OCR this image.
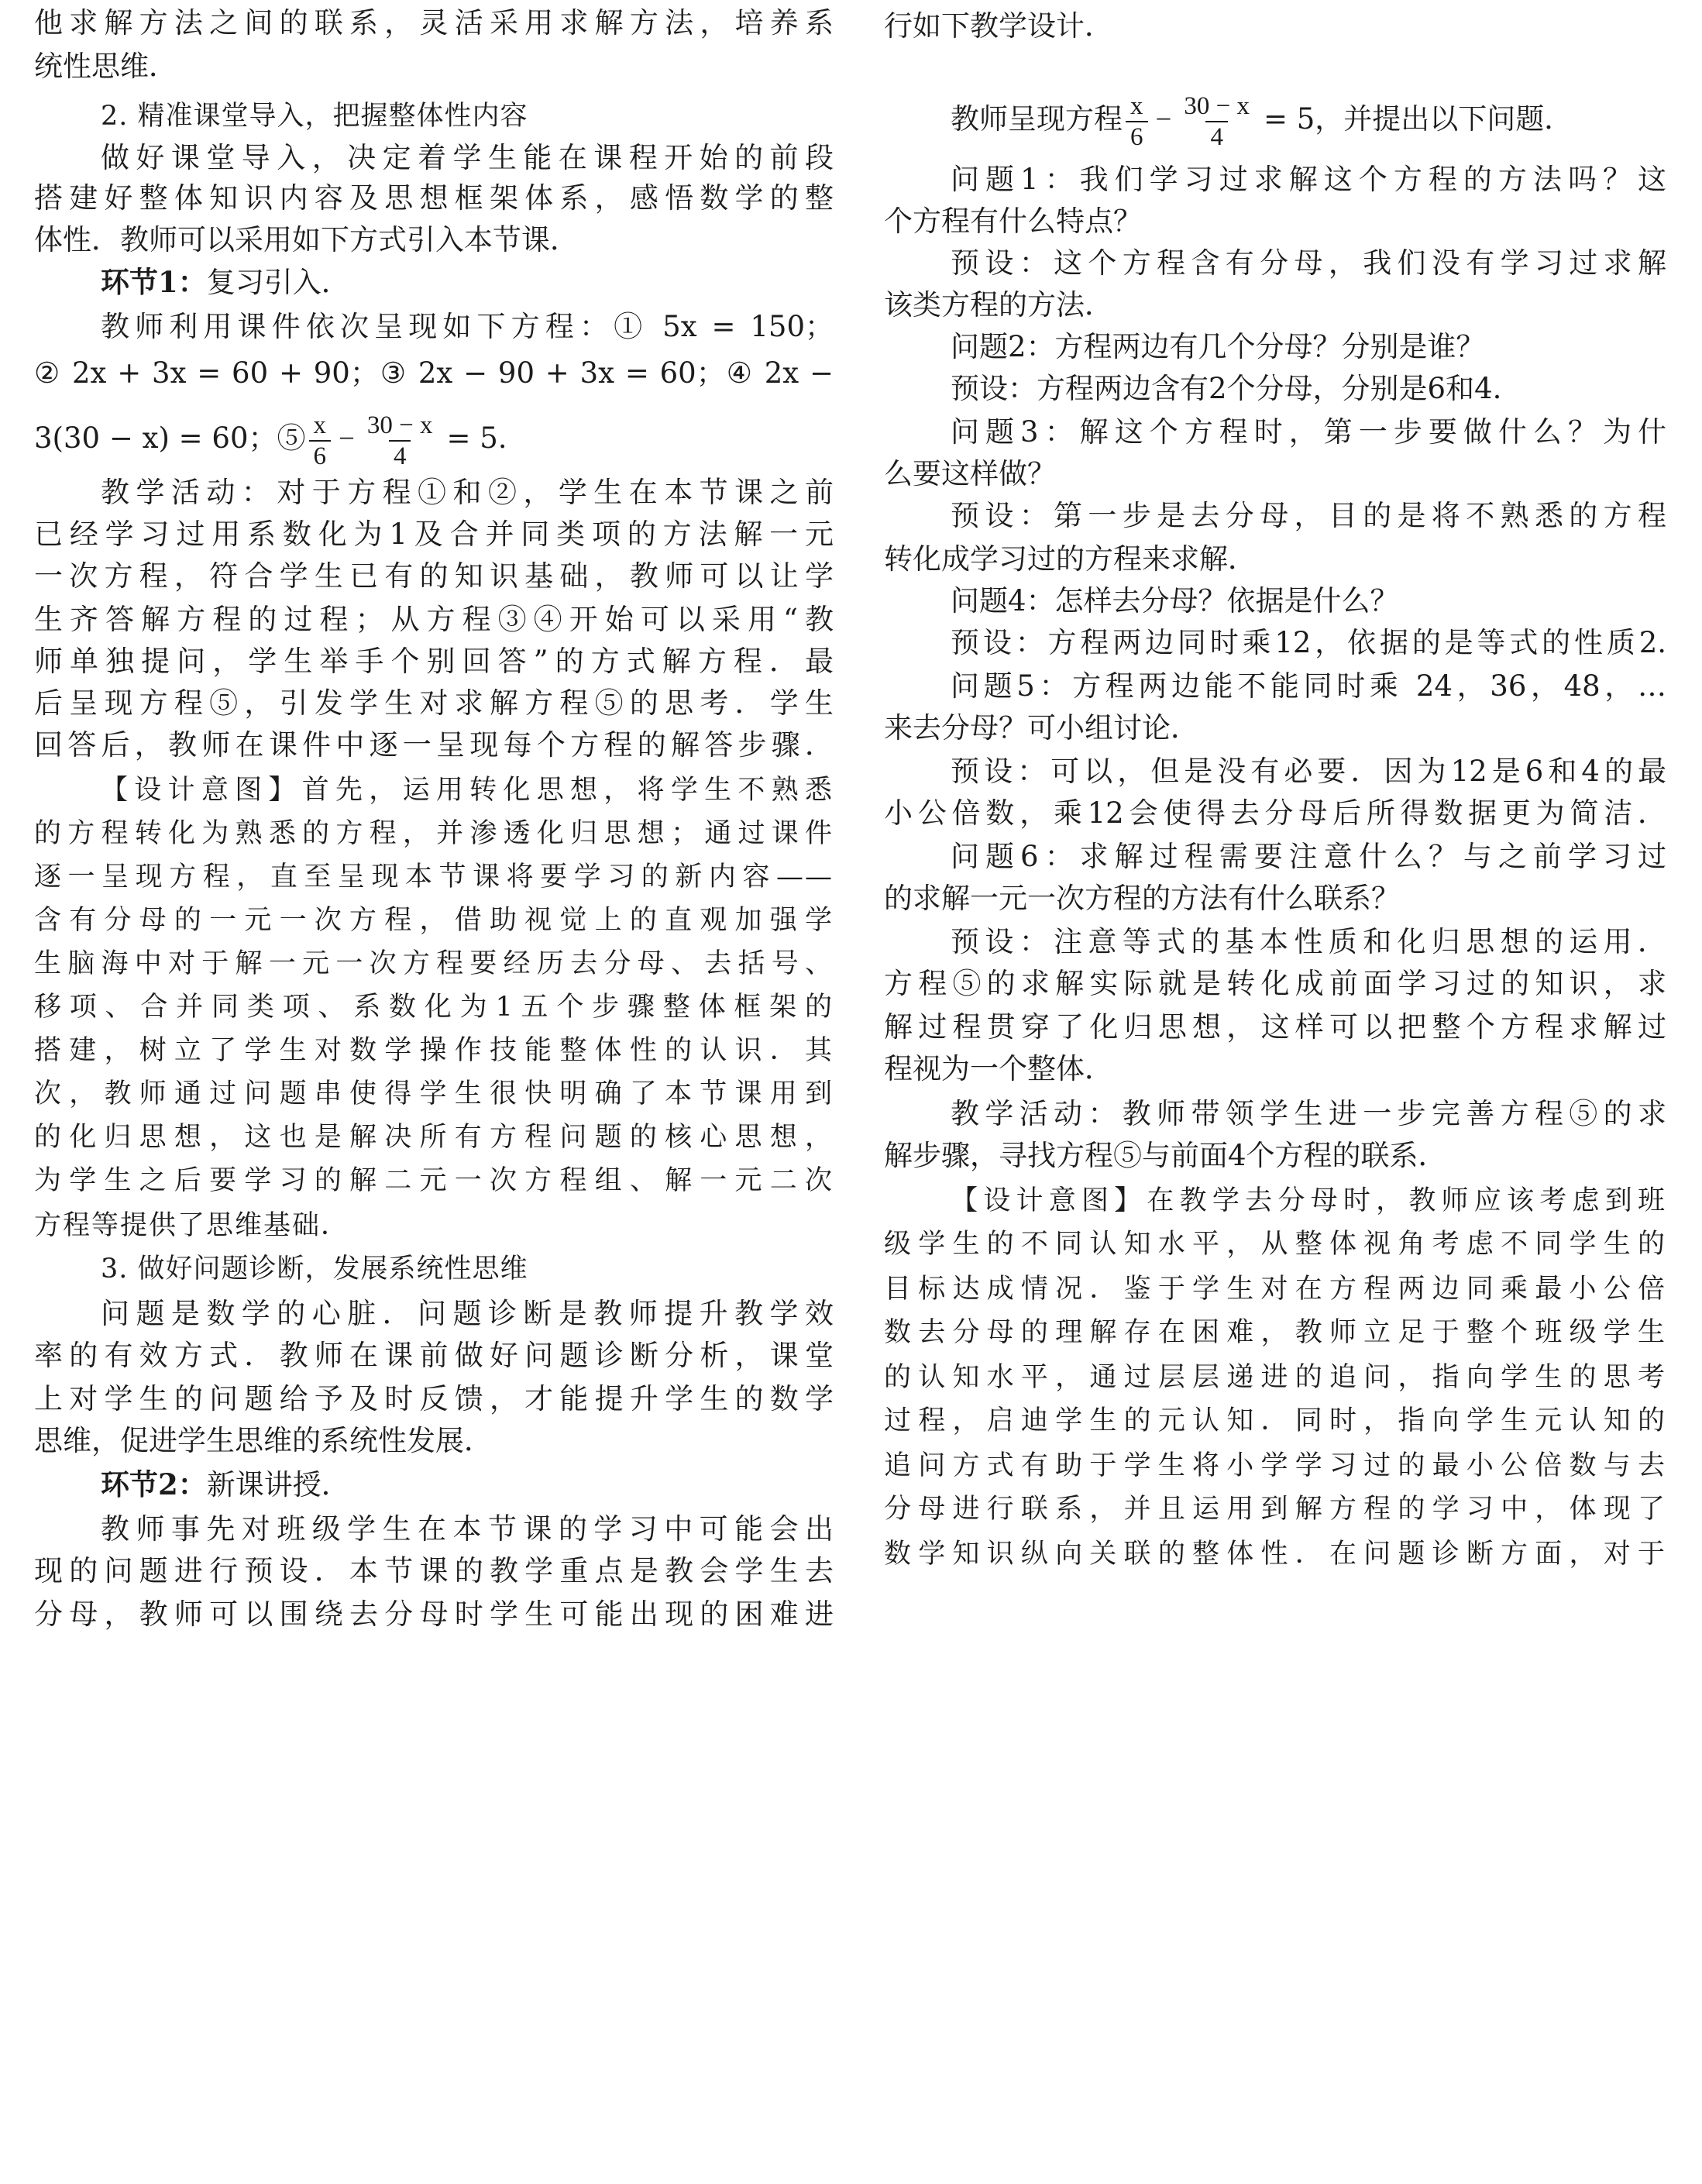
他求解方法之间的联系，灵活采用求解方法，培养系
统性思维．
2. 精准课堂导入，把握整体性内容
做好课堂导入，决定着学生能在课程开始的前段
搭建好整体知识内容及思想框架体系，感悟数学的整
体性．教师可以采用如下方式引入本节课．
环节1：复习引入．
教师利用课件依次呈现如下方程：① 5x = 150；
② 2x + 3x = 60 + 90；③ 2x − 90 + 3x = 60；④ 2x −
3(30 − x) = 60；⑤ $\frac{x}{6} - \frac{30 - x}{4} = 5$.
教学活动：对于方程①和②，学生在本节课之前
已经学习过用系数化为1及合并同类项的方法解一元
一次方程，符合学生已有的知识基础，教师可以让学
生齐答解方程的过程；从方程③④开始可以采用“教
师单独提问，学生举手个别回答”的方式解方程．最
后呈现方程⑤，引发学生对求解方程⑤的思考．学生
回答后，教师在课件中逐一呈现每个方程的解答步骤．
【设计意图】首先，运用转化思想，将学生不熟悉
的方程转化为熟悉的方程，并渗透化归思想；通过课件
逐一呈现方程，直至呈现本节课将要学习的新内容——
含有分母的一元一次方程，借助视觉上的直观加强学
生脑海中对于解一元一次方程要经历去分母、去括号、
移项、合并同类项、系数化为1五个步骤整体框架的
搭建，树立了学生对数学操作技能整体性的认识．其
次，教师通过问题串使得学生很快明确了本节课用到
的化归思想，这也是解决所有方程问题的核心思想，
为学生之后要学习的解二元一次方程组、解一元二次
方程等提供了思维基础．
3. 做好问题诊断，发展系统性思维
问题是数学的心脏．问题诊断是教师提升教学效
率的有效方式．教师在课前做好问题诊断分析，课堂
上对学生的问题给予及时反馈，才能提升学生的数学
思维，促进学生思维的系统性发展．
环节2：新课讲授．
教师事先对班级学生在本节课的学习中可能会出
现的问题进行预设．本节课的教学重点是教会学生去
分母，教师可以围绕去分母时学生可能出现的困难进
行如下教学设计．
教师呈现方程 $\frac{x}{6} - \frac{30 - x}{4} = 5$，并提出以下问题．
问题1：我们学习过求解这个方程的方法吗？这
个方程有什么特点？
预设：这个方程含有分母，我们没有学习过求解
该类方程的方法．
问题2：方程两边有几个分母？分别是谁？
预设：方程两边含有2个分母，分别是6和4.
问题3：解这个方程时，第一步要做什么？为什
么要这样做？
预设：第一步是去分母，目的是将不熟悉的方程
转化成学习过的方程来求解．
问题4：怎样去分母？依据是什么？
预设：方程两边同时乘12，依据的是等式的性质2.
问题5：方程两边能不能同时乘 24，36，48，…
来去分母？可小组讨论．
预设：可以，但是没有必要．因为12是6和4的最
小公倍数，乘12会使得去分母后所得数据更为简洁．
问题6：求解过程需要注意什么？与之前学习过
的求解一元一次方程的方法有什么联系？
预设：注意等式的基本性质和化归思想的运用．
方程⑤的求解实际就是转化成前面学习过的知识，求
解过程贯穿了化归思想，这样可以把整个方程求解过
程视为一个整体．
教学活动：教师带领学生进一步完善方程⑤的求
解步骤，寻找方程⑤与前面4个方程的联系．
【设计意图】在教学去分母时，教师应该考虑到班
级学生的不同认知水平，从整体视角考虑不同学生的
目标达成情况．鉴于学生对在方程两边同乘最小公倍
数去分母的理解存在困难，教师立足于整个班级学生
的认知水平，通过层层递进的追问，指向学生的思考
过程，启迪学生的元认知．同时，指向学生元认知的
追问方式有助于学生将小学学习过的最小公倍数与去
分母进行联系，并且运用到解方程的学习中，体现了
数学知识纵向关联的整体性．在问题诊断方面，对于
